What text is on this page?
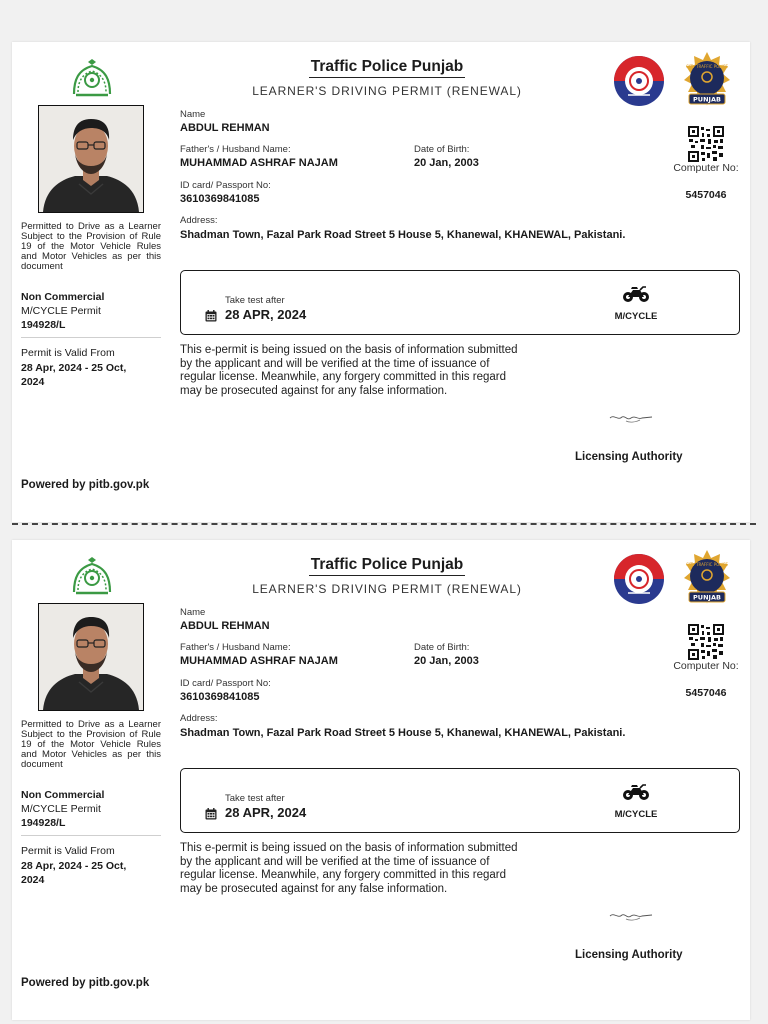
Traffic Police Punjab
LEARNER'S DRIVING PERMIT (RENEWAL)
CITY TRAFFIC POLICE
PUNJAB
Permitted to Drive as a Learner Subject to the Provision of Rule 19 of the Motor Vehicle Rules and Motor Vehicles as per this document
Non Commercial
M/CYCLE Permit
194928/L
Permit is Valid From
28 Apr, 2024 - 25 Oct, 2024
Name
ABDUL REHMAN
Father's / Husband Name:
MUHAMMAD ASHRAF NAJAM
Date of Birth:
20 Jan, 2003
ID card/ Passport No:
3610369841085
Address:
Shadman Town, Fazal Park Road Street 5 House 5, Khanewal, KHANEWAL, Pakistani.
Computer No:
5457046
Take test after
28 APR, 2024	M/CYCLE
This e-permit is being issued on the basis of information submitted by the applicant and will be verified at the time of issuance of regular license. Meanwhile, any forgery committed in this regard may be prosecuted against for any false information.
Licensing Authority
Powered by pitb.gov.pk
Traffic Police Punjab
LEARNER'S DRIVING PERMIT (RENEWAL)
CITY TRAFFIC POLICE
PUNJAB
Permitted to Drive as a Learner Subject to the Provision of Rule 19 of the Motor Vehicle Rules and Motor Vehicles as per this document
Non Commercial
M/CYCLE Permit
194928/L
Permit is Valid From
28 Apr, 2024 - 25 Oct, 2024
Name
ABDUL REHMAN
Father's / Husband Name:
MUHAMMAD ASHRAF NAJAM
Date of Birth:
20 Jan, 2003
ID card/ Passport No:
3610369841085
Address:
Shadman Town, Fazal Park Road Street 5 House 5, Khanewal, KHANEWAL, Pakistani.
Computer No:
5457046
Take test after
28 APR, 2024	M/CYCLE
This e-permit is being issued on the basis of information submitted by the applicant and will be verified at the time of issuance of regular license. Meanwhile, any forgery committed in this regard may be prosecuted against for any false information.
Licensing Authority
Powered by pitb.gov.pk
